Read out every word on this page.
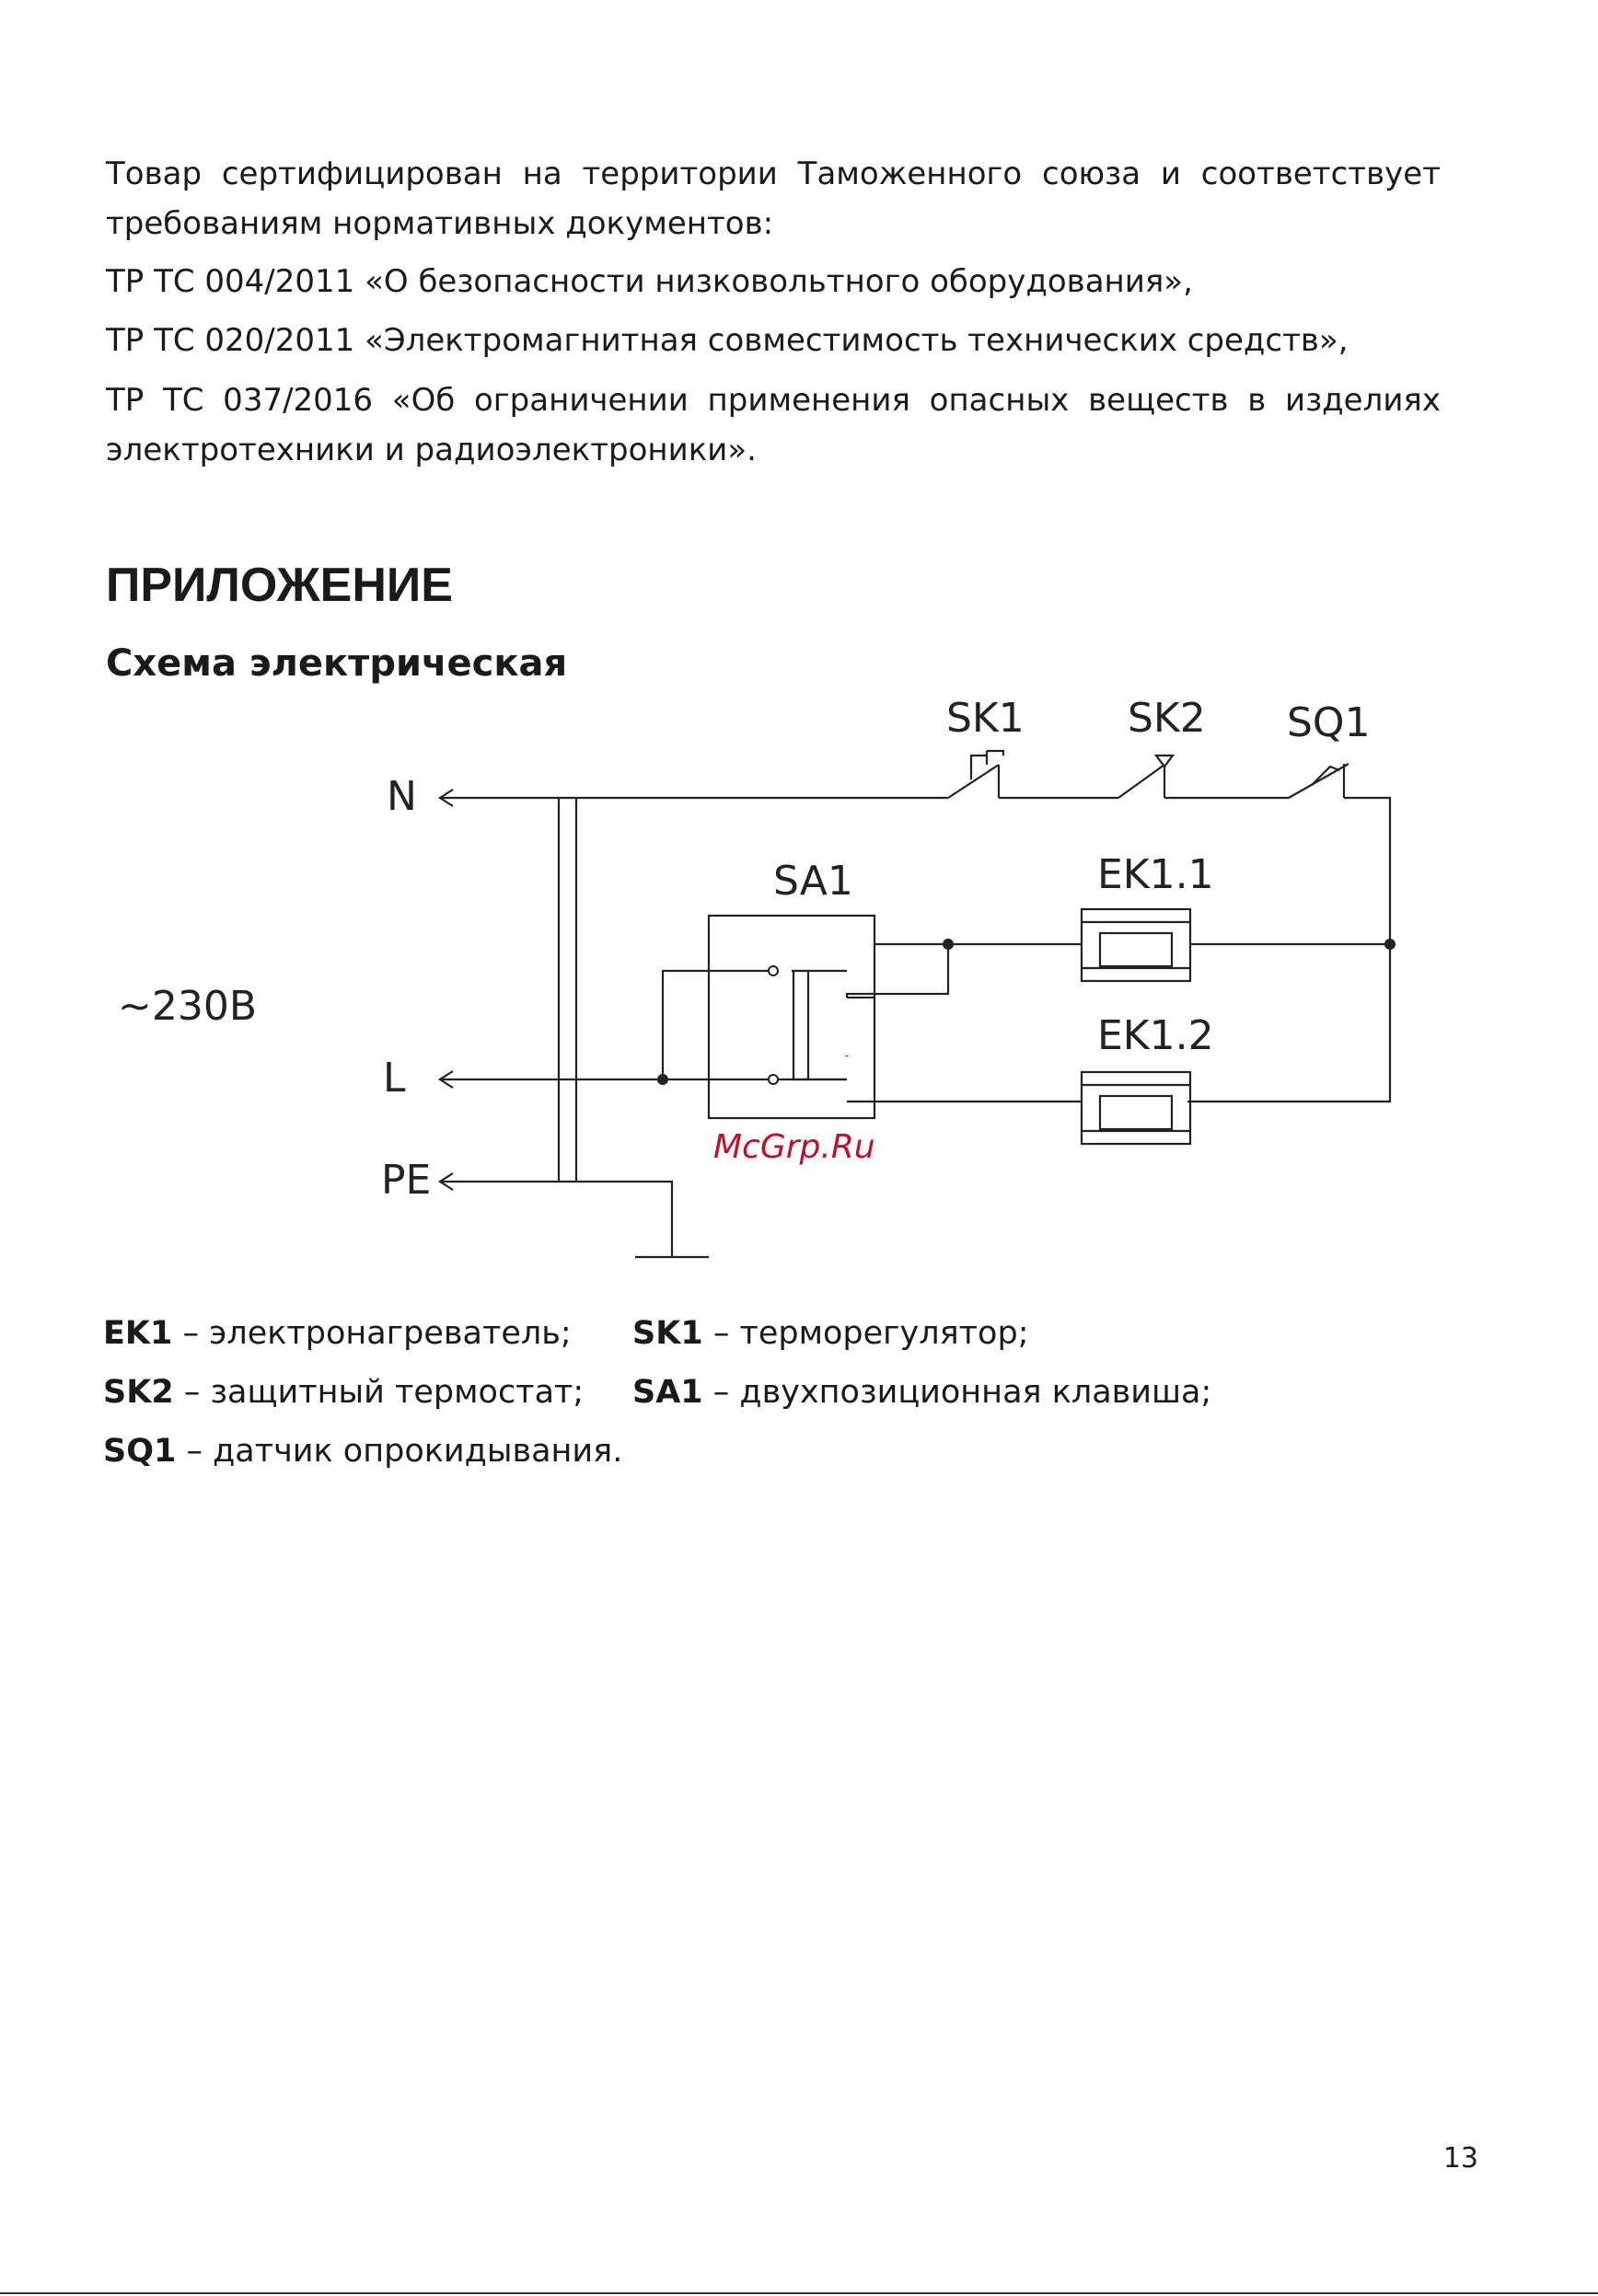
Товар сертифицирован на территории Таможенного союза и соответствует требованиям нормативных документов:

ТР ТС 004/2011 «О безопасности низковольтного оборудования»,

ТР ТС 020/2011 «Электромагнитная совместимость технических средств»,

ТР ТС 037/2016 «Об ограничении применения опасных веществ в изделиях электротехники и радиоэлектроники».

ПРИЛОЖЕНИЕ
Схема электрическая
SK1	SK2 SQ1
SA1	EK1.1
EK1.2
N
L
PE
~230В
McGrp.Ru
EK1 – электронагреватель; SK1 – терморегулятор;
SK2 – защитный термостат; SA1 – двухпозиционная клавиша;
SQ1 – датчик опрокидывания.
13
